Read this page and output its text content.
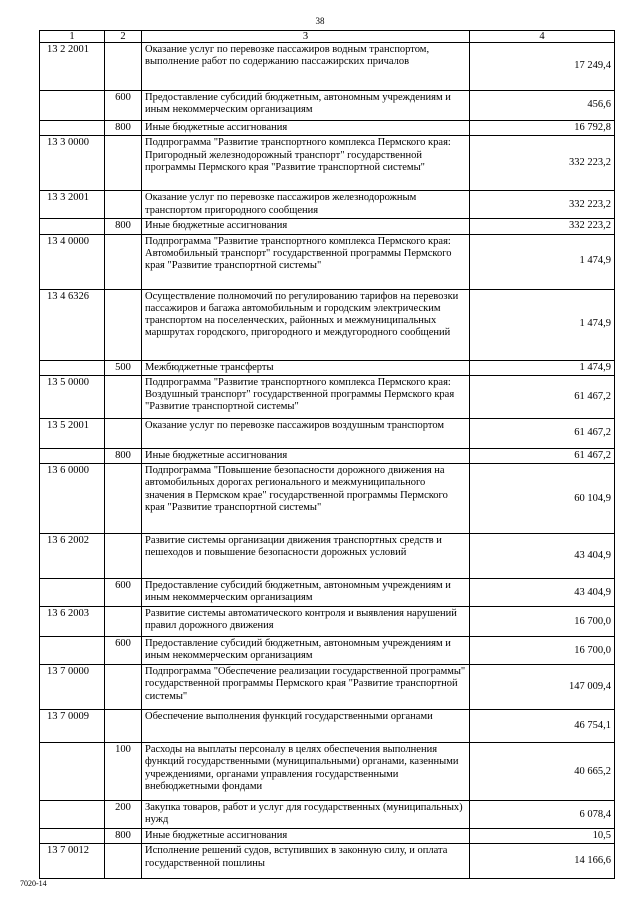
38
1	2	3	4
13 2 2001		Оказание услуг по перевозке пассажиров водным транспортом, выполнение работ по содержанию пассажирских причалов	17 249,4
	600	Предоставление субсидий бюджетным, автономным учреждениям и иным некоммерческим организациям	456,6
	800	Иные бюджетные ассигнования	16 792,8
13 3 0000		Подпрограмма "Развитие транспортного комплекса Пермского края: Пригородный железнодорожный транспорт" государственной программы Пермского края "Развитие транспортной системы"	332 223,2
13 3 2001		Оказание услуг по перевозке пассажиров железнодорожным транспортом пригородного сообщения	332 223,2
	800	Иные бюджетные ассигнования	332 223,2
13 4 0000		Подпрограмма "Развитие транспортного комплекса Пермского края: Автомобильный транспорт" государственной программы Пермского края "Развитие транспортной системы"	1 474,9
13 4 6326		Осуществление полномочий по регулированию тарифов на перевозки пассажиров и багажа автомобильным и городским электрическим транспортом на поселенческих, районных и межмуниципальных маршрутах городского, пригородного и междугородного сообщений	1 474,9
	500	Межбюджетные трансферты	1 474,9
13 5 0000		Подпрограмма "Развитие транспортного комплекса Пермского края: Воздушный транспорт" государственной программы Пермского края "Развитие транспортной системы"	61 467,2
13 5 2001		Оказание услуг по перевозке пассажиров воздушным транспортом	61 467,2
	800	Иные бюджетные ассигнования	61 467,2
13 6 0000		Подпрограмма "Повышение безопасности дорожного движения на автомобильных дорогах регионального и межмуниципального значения в Пермском крае" государственной программы Пермского края "Развитие транспортной системы"	60 104,9
13 6 2002		Развитие системы организации движения транспортных средств и пешеходов и повышение безопасности дорожных условий	43 404,9
	600	Предоставление субсидий бюджетным, автономным учреждениям и иным некоммерческим организациям	43 404,9
13 6 2003		Развитие системы автоматического контроля и выявления нарушений правил дорожного движения	16 700,0
	600	Предоставление субсидий бюджетным, автономным учреждениям и иным некоммерческим организациям	16 700,0
13 7 0000		Подпрограмма "Обеспечение реализации государственной программы" государственной программы Пермского края "Развитие транспортной системы"	147 009,4
13 7 0009		Обеспечение выполнения функций государственными органами	46 754,1
	100	Расходы на выплаты персоналу в целях обеспечения выполнения функций государственными (муниципальными) органами, казенными учреждениями, органами управления государственными внебюджетными фондами	40 665,2
	200	Закупка товаров, работ и услуг для государственных (муниципальных) нужд	6 078,4
	800	Иные бюджетные ассигнования	10,5
13 7 0012		Исполнение решений судов, вступивших в законную силу, и оплата государственной пошлины	14 166,6
7020-14
